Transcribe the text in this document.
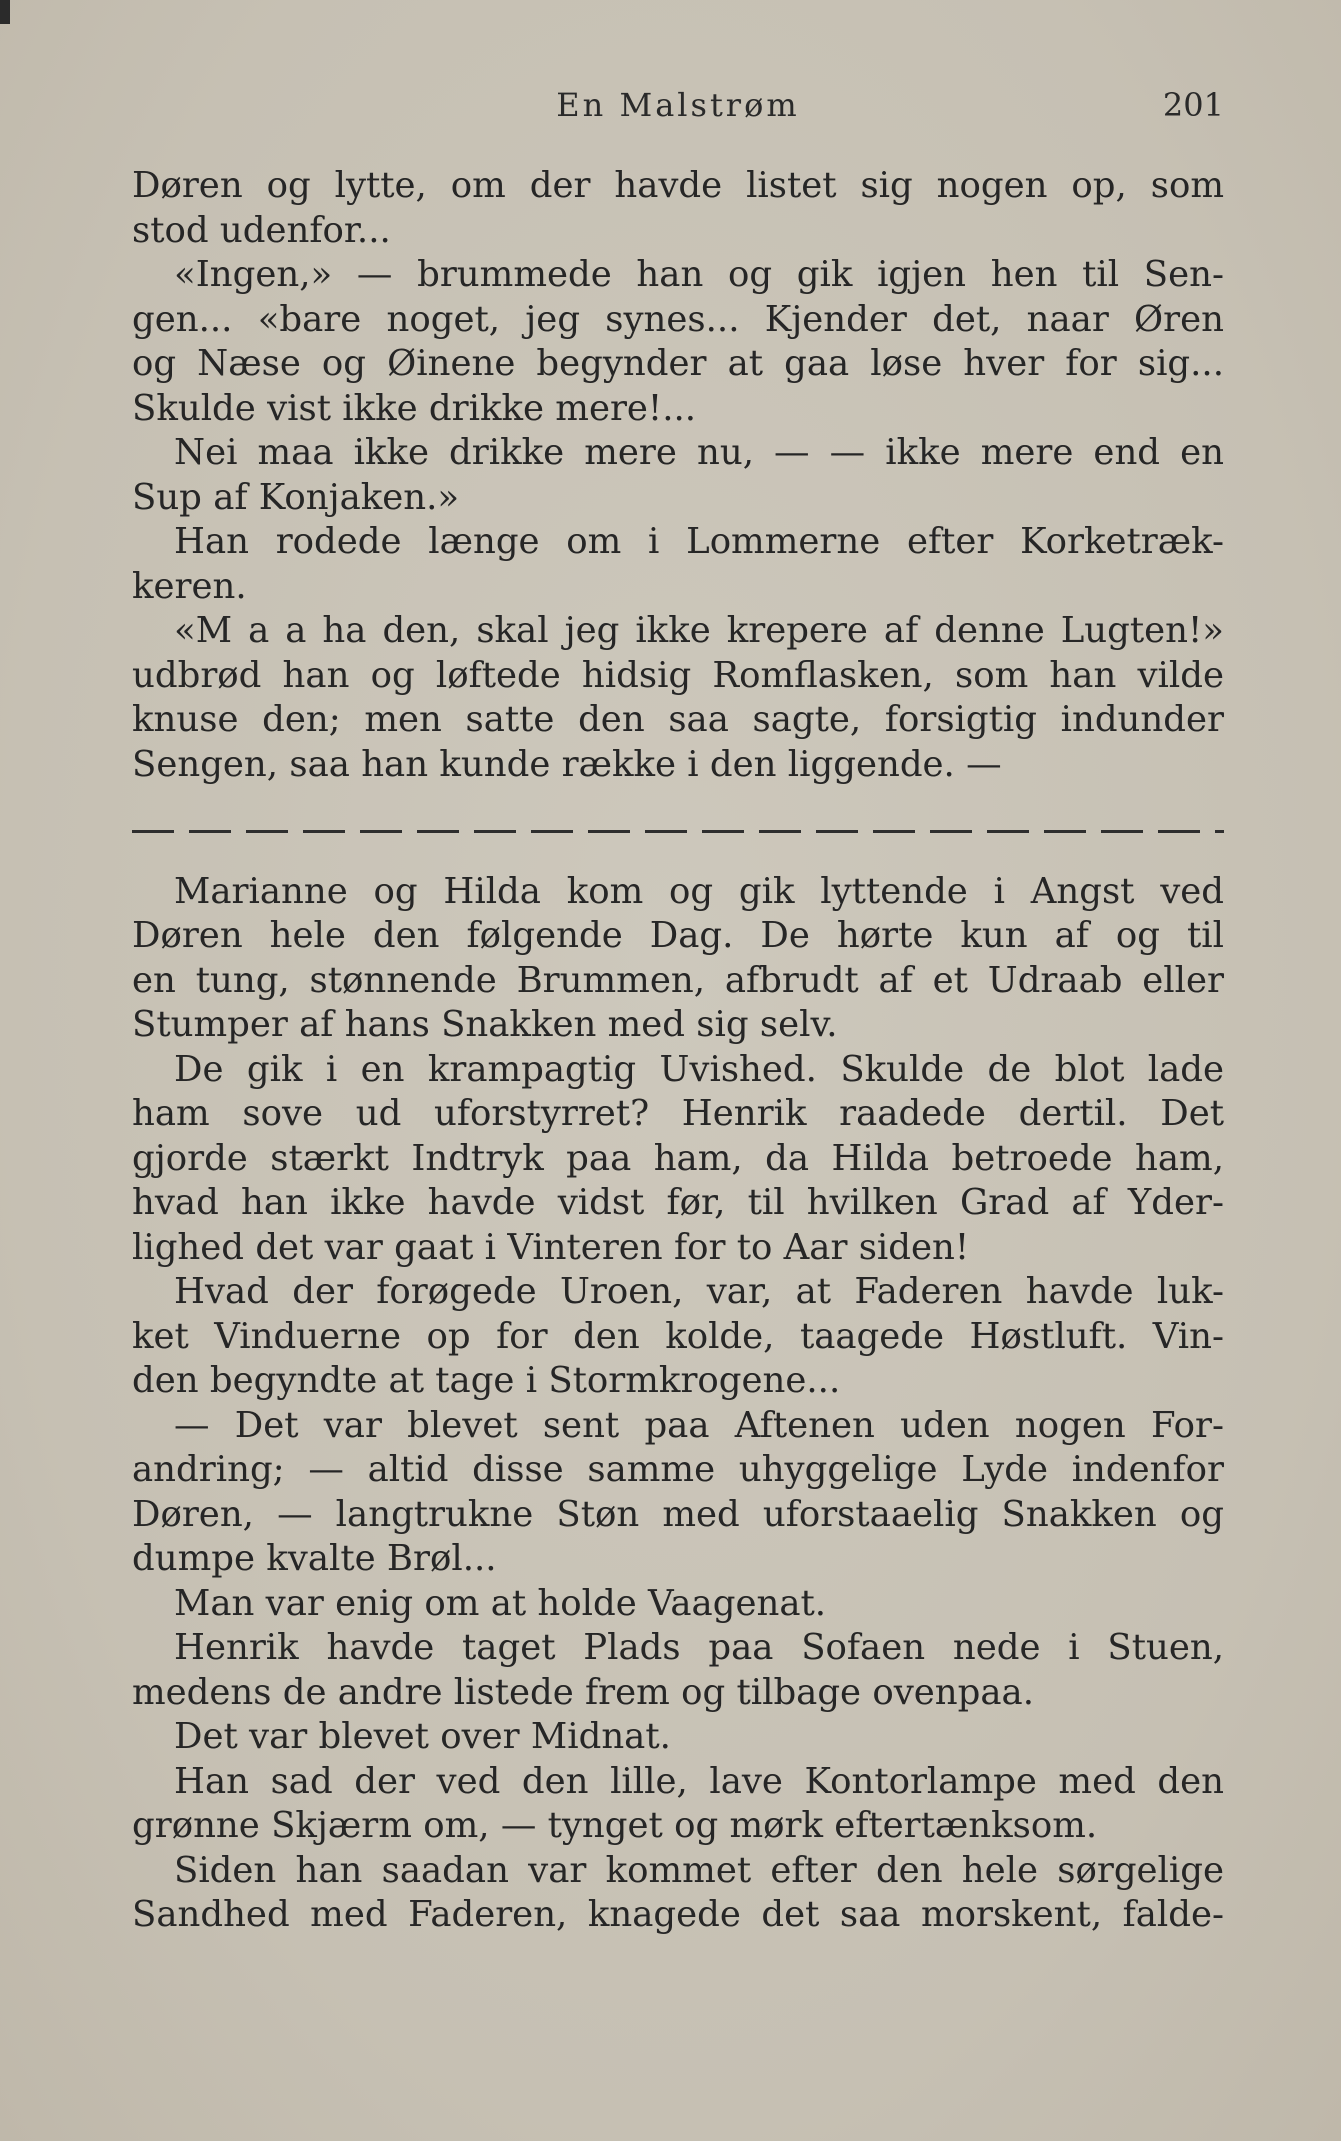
En Malstrøm	201
Døren og lytte, om der havde listet sig nogen op, som
stod udenfor...
«Ingen,» — brummede han og gik igjen hen til Sen-
gen... «bare noget, jeg synes... Kjender det, naar Øren
og Næse og Øinene begynder at gaa løse hver for sig...
Skulde vist ikke drikke mere!...
Nei maa ikke drikke mere nu, — — ikke mere end en
Sup af Konjaken.»
Han rodede længe om i Lommerne efter Korketræk-
keren.
«M a a ha den, skal jeg ikke krepere af denne Lugten!»
udbrød han og løftede hidsig Romflasken, som han vilde
knuse den; men satte den saa sagte, forsigtig indunder
Sengen, saa han kunde række i den liggende. —
Marianne og Hilda kom og gik lyttende i Angst ved
Døren hele den følgende Dag. De hørte kun af og til
en tung, stønnende Brummen, afbrudt af et Udraab eller
Stumper af hans Snakken med sig selv.
De gik i en krampagtig Uvished. Skulde de blot lade
ham sove ud uforstyrret? Henrik raadede dertil. Det
gjorde stærkt Indtryk paa ham, da Hilda betroede ham,
hvad han ikke havde vidst før, til hvilken Grad af Yder-
lighed det var gaat i Vinteren for to Aar siden!
Hvad der forøgede Uroen, var, at Faderen havde luk-
ket Vinduerne op for den kolde, taagede Høstluft. Vin-
den begyndte at tage i Stormkrogene...
— Det var blevet sent paa Aftenen uden nogen For-
andring; — altid disse samme uhyggelige Lyde indenfor
Døren, — langtrukne Støn med uforstaaelig Snakken og
dumpe kvalte Brøl...
Man var enig om at holde Vaagenat.
Henrik havde taget Plads paa Sofaen nede i Stuen,
medens de andre listede frem og tilbage ovenpaa.
Det var blevet over Midnat.
Han sad der ved den lille, lave Kontorlampe med den
grønne Skjærm om, — tynget og mørk eftertænksom.
Siden han saadan var kommet efter den hele sørgelige
Sandhed med Faderen, knagede det saa morskent, falde-
